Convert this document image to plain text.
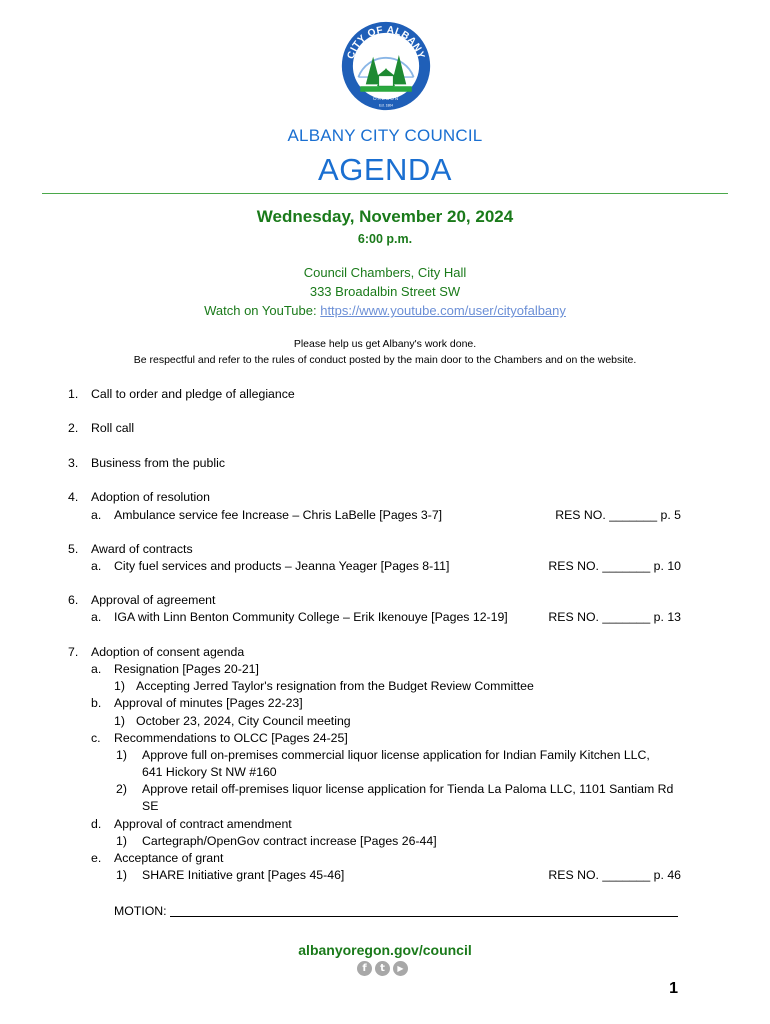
CITY OF ALBANY
OREGON
Est. 1864
ALBANY CITY COUNCIL
AGENDA
Wednesday, November 20, 2024
6:00 p.m.
Council Chambers, City Hall
333 Broadalbin Street SW
Watch on YouTube: https://www.youtube.com/user/cityofalbany
Please help us get Albany's work done.
Be respectful and refer to the rules of conduct posted by the main door to the Chambers and on the website.
1. Call to order and pledge of allegiance
2. Roll call
3. Business from the public
4. Adoption of resolution
a. Ambulance service fee Increase – Chris LaBelle [Pages 3-7]	RES NO. _______ p. 5
5. Award of contracts
a. City fuel services and products – Jeanna Yeager [Pages 8-11]	RES NO. _______ p. 10
6. Approval of agreement
a. IGA with Linn Benton Community College – Erik Ikenouye [Pages 12-19]	RES NO. _______ p. 13
7. Adoption of consent agenda
a. Resignation [Pages 20-21]
1) Accepting Jerred Taylor's resignation from the Budget Review Committee
b. Approval of minutes [Pages 22-23]
1) October 23, 2024, City Council meeting
c. Recommendations to OLCC [Pages 24-25]
1) Approve full on-premises commercial liquor license application for Indian Family Kitchen LLC,
641 Hickory St NW #160
2) Approve retail off-premises liquor license application for Tienda La Paloma LLC, 1101 Santiam Rd
SE
d. Approval of contract amendment
1) Cartegraph/OpenGov contract increase [Pages 26-44]
e. Acceptance of grant
1) SHARE Initiative grant [Pages 45-46]	RES NO. _______ p. 46
MOTION:
albanyoregon.gov/council
f	t	▶
1
